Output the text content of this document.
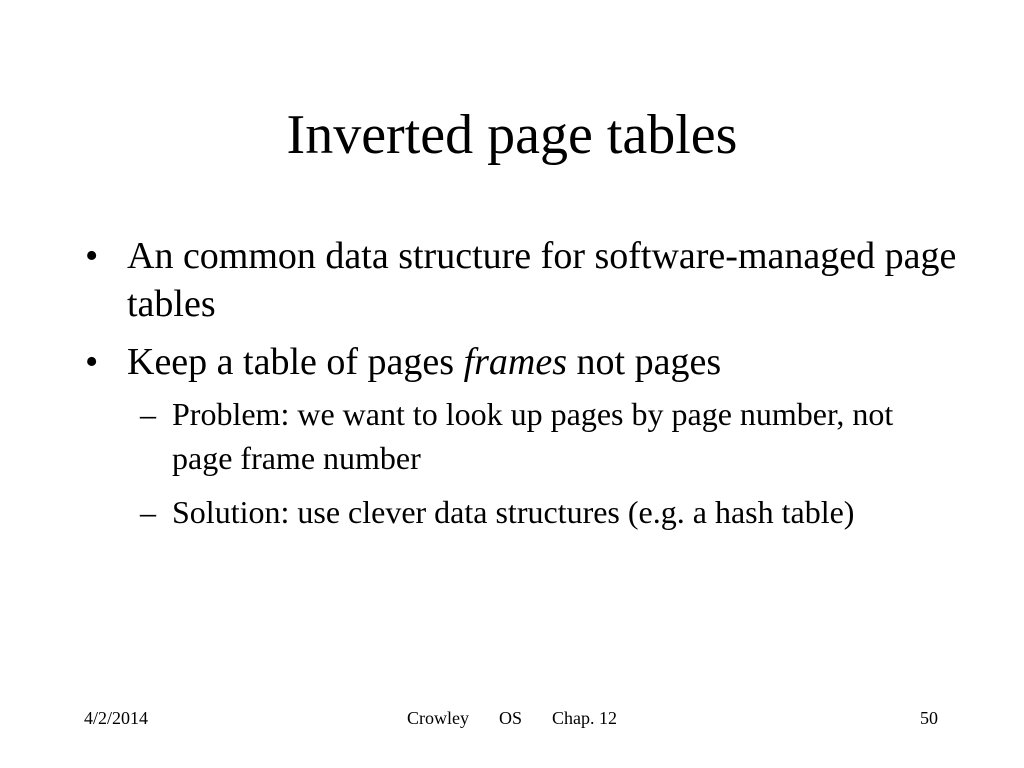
Inverted page tables
• An common data structure for software-managed page tables
• Keep a table of pages frames not pages
– Problem: we want to look up pages by page number, not page frame number
– Solution: use clever data structures (e.g. a hash table)
4/2/2014	Crowley OS Chap. 12	50
